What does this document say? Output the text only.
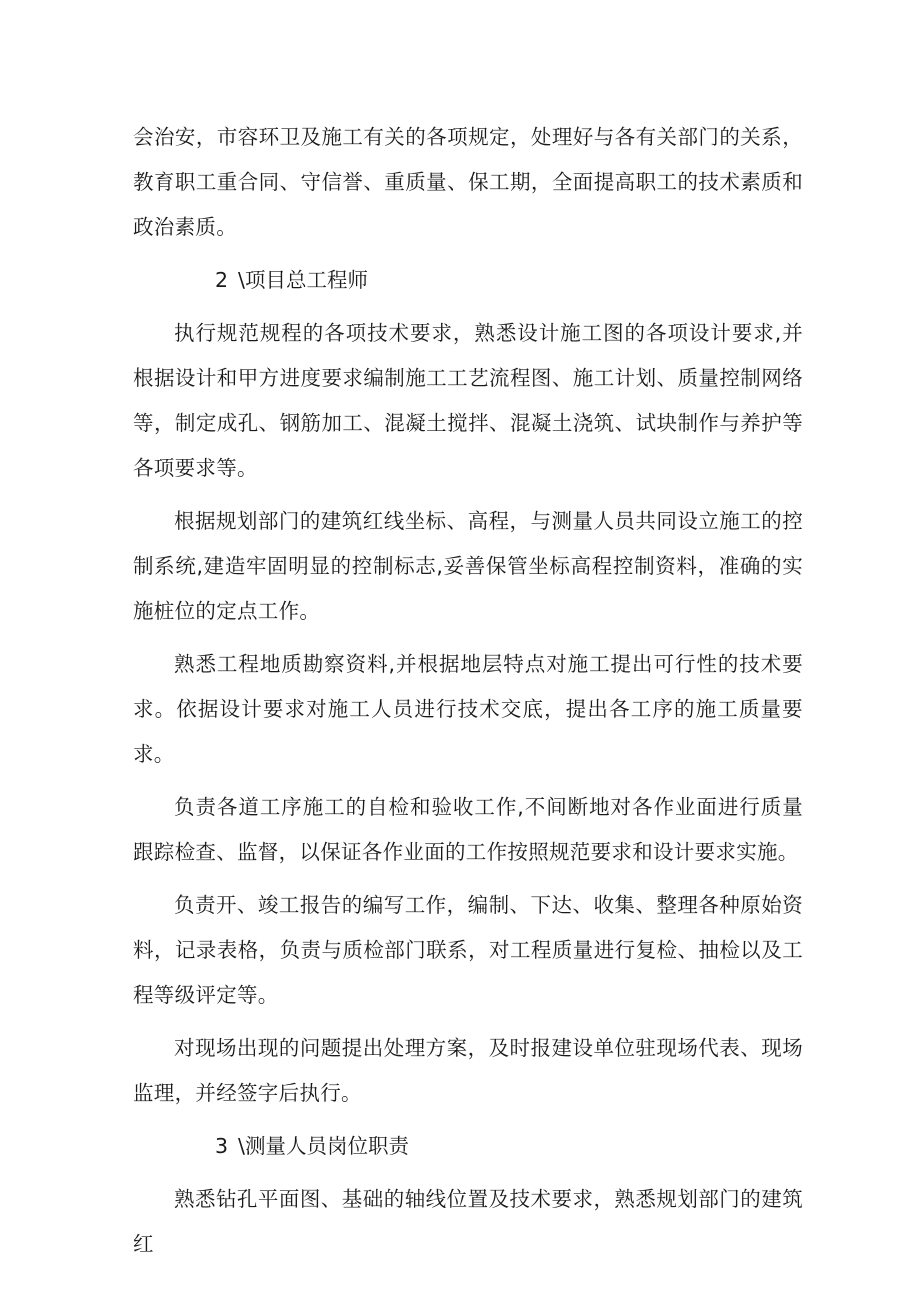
会治安，市容环卫及施工有关的各项规定，处理好与各有关部门的关系，教育职工重合同、守信誉、重质量、保工期，全面提高职工的技术素质和政治素质。

2 \项目总工程师

执行规范规程的各项技术要求，熟悉设计施工图的各项设计要求,并根据设计和甲方进度要求编制施工工艺流程图、施工计划、质量控制网络等，制定成孔、钢筋加工、混凝土搅拌、混凝土浇筑、试块制作与养护等各项要求等。

根据规划部门的建筑红线坐标、高程，与测量人员共同设立施工的控制系统,建造牢固明显的控制标志,妥善保管坐标高程控制资料，准确的实施桩位的定点工作。

熟悉工程地质勘察资料,并根据地层特点对施工提出可行性的技术要求。依据设计要求对施工人员进行技术交底，提出各工序的施工质量要求。

负责各道工序施工的自检和验收工作,不间断地对各作业面进行质量跟踪检查、监督，以保证各作业面的工作按照规范要求和设计要求实施。

负责开、竣工报告的编写工作，编制、下达、收集、整理各种原始资料，记录表格，负责与质检部门联系，对工程质量进行复检、抽检以及工程等级评定等。

对现场出现的问题提出处理方案，及时报建设单位驻现场代表、现场监理，并经签字后执行。

3 \测量人员岗位职责

熟悉钻孔平面图、基础的轴线位置及技术要求，熟悉规划部门的建筑红
